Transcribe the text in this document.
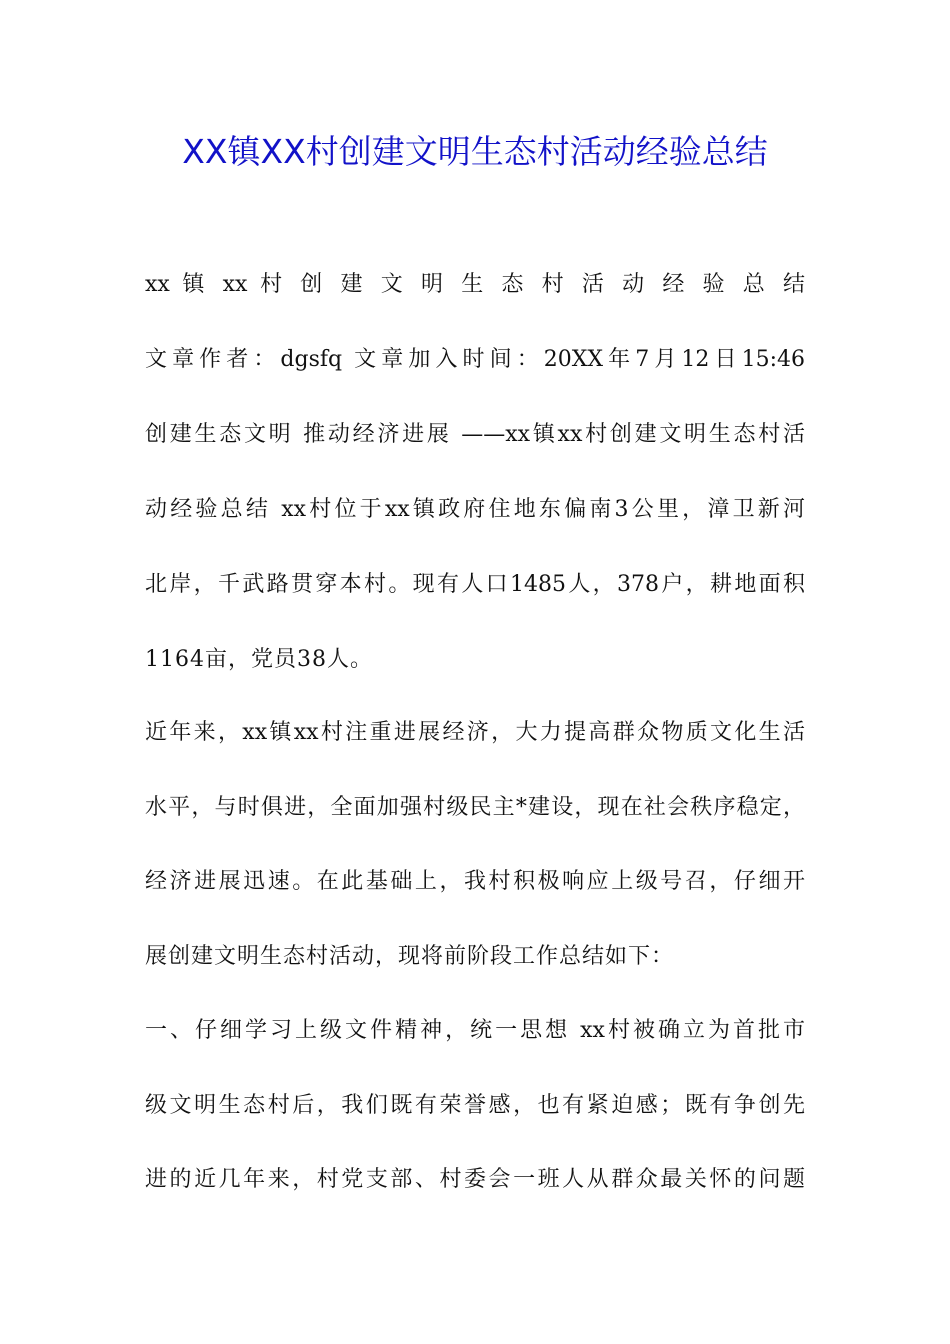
XX镇XX村创建文明生态村活动经验总结
xx 镇 xx 村 创 建 文 明 生 态 村 活 动 经 验 总 结
文章作者：dgsfq 文章加入时间：20XX年7月12日15:46
创建生态文明 推动经济进展 ——xx镇xx村创建文明生态村活
动经验总结 xx村位于xx镇政府住地东偏南3公里，漳卫新河
北岸，千武路贯穿本村。现有人口1485人，378户，耕地面积
1164亩，党员38人。
近年来，xx镇xx村注重进展经济，大力提高群众物质文化生活
水平，与时俱进，全面加强村级民主*建设，现在社会秩序稳定，
经济进展迅速。在此基础上，我村积极响应上级号召，仔细开
展创建文明生态村活动，现将前阶段工作总结如下：
一、仔细学习上级文件精神，统一思想 xx村被确立为首批市
级文明生态村后，我们既有荣誉感，也有紧迫感；既有争创先
进的近几年来，村党支部、村委会一班人从群众最关怀的问题
